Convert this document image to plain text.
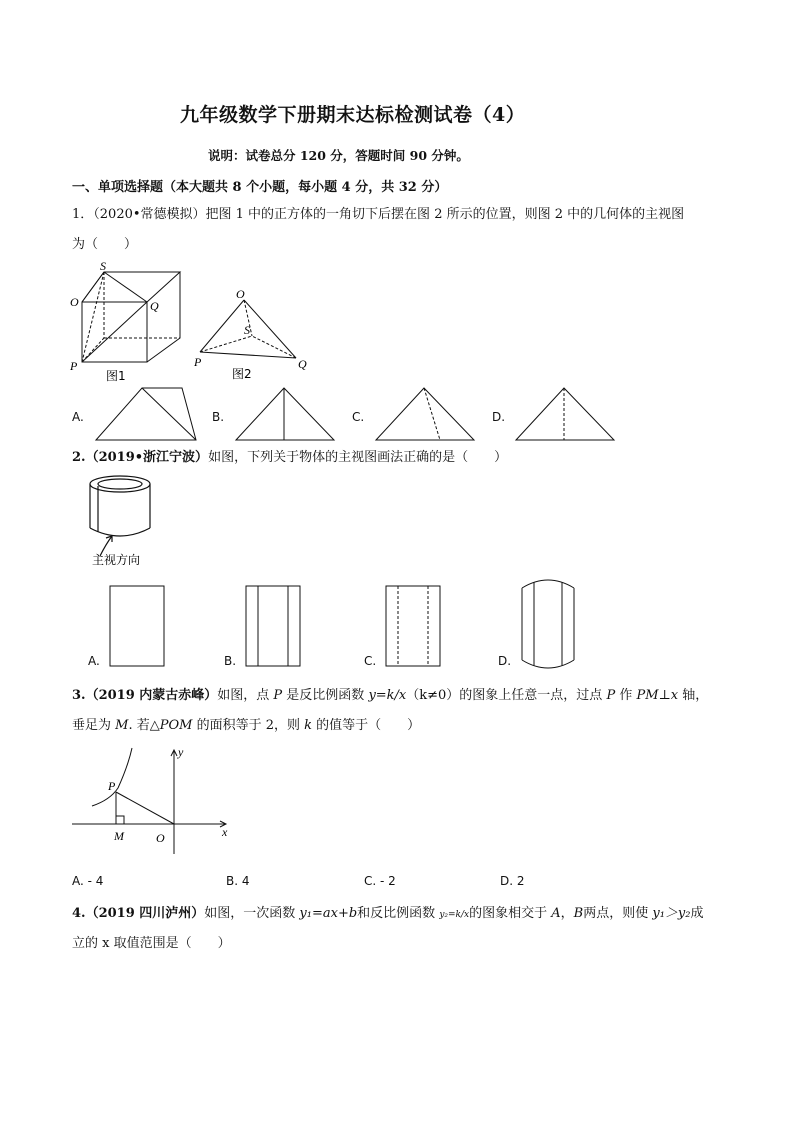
九年级数学下册期末达标检测试卷（4）
说明：试卷总分 120 分，答题时间 90 分钟。
一、单项选择题（本大题共 8 个小题，每小题 4 分，共 32 分）
1．（2020•常德模拟）把图 1 中的正方体的一角切下后摆在图 2 所示的位置，则图 2 中的几何体的主视图
为（　　）
S
O	Q
P
图1
O
S
P	Q
图2
A.	B.	C.	D.
2.（2019•浙江宁波）如图，下列关于物体的主视图画法正确的是（　　）
主视方向
A.	B.	C.	D.
3.（2019 内蒙古赤峰）如图，点 P 是反比例函数 y=k/x（k≠0）的图象上任意一点，过点 P 作 PM⊥x 轴，
垂足为 M. 若△POM 的面积等于 2，则 k 的值等于（　　）
y
x
P
M	O
A. - 4	B. 4	C. - 2	D. 2
4.（2019 四川泸州）如图，一次函数 y₁=ax+b和反比例函数 y₂=k/x的图象相交于 A，B两点，则使 y₁＞y₂成
立的 x 取值范围是（　　）
